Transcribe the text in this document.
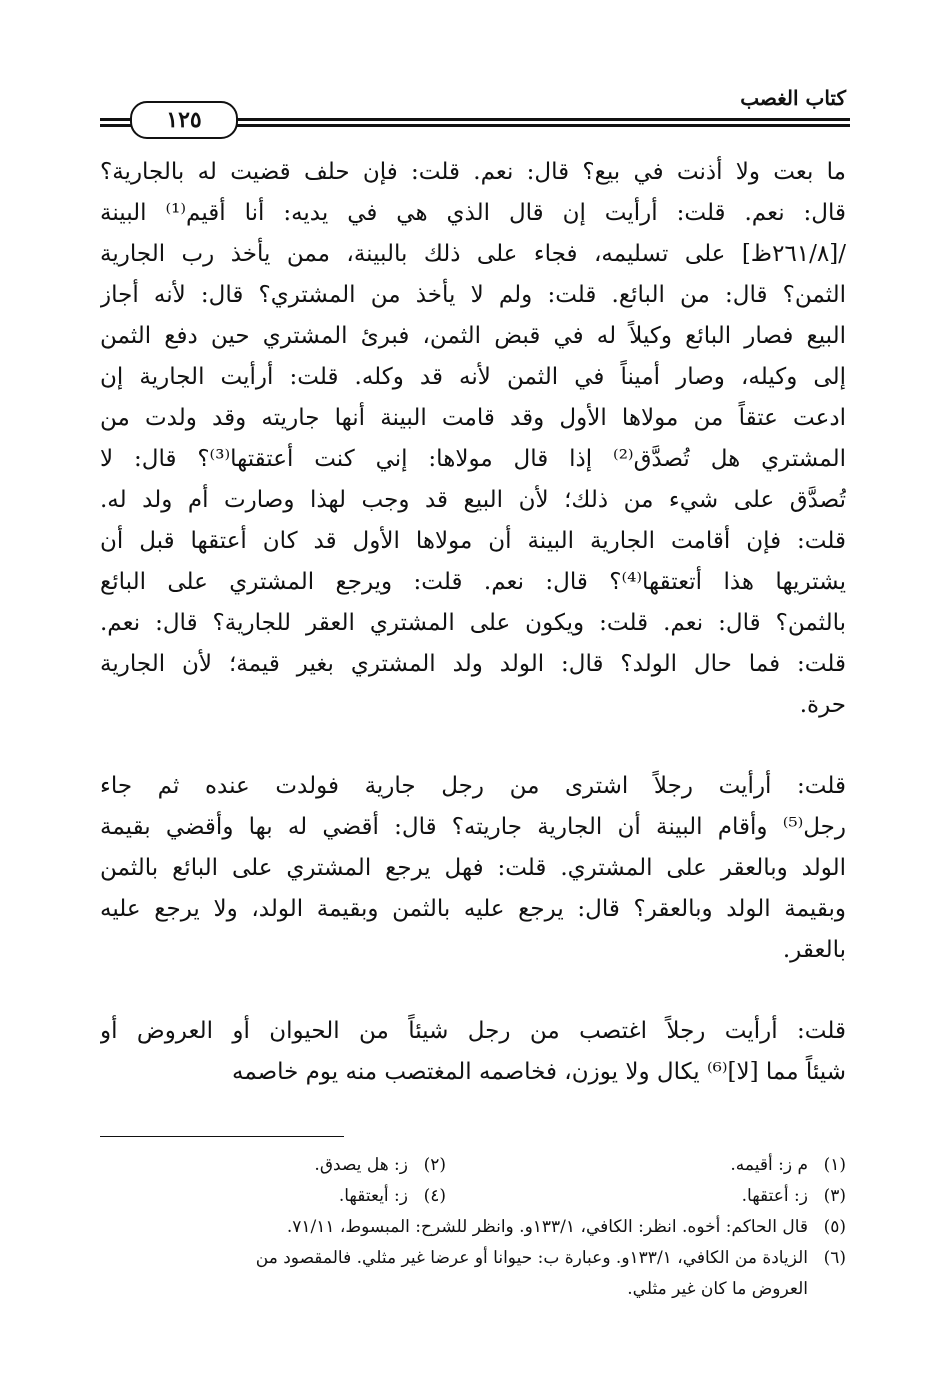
كتاب الغصب
١٢٥
ما بعت ولا أذنت في بيع؟ قال: نعم. قلت: فإن حلف قضيت له بالجارية؟
قال: نعم. قلت: أرأيت إن قال الذي هي في يديه: أنا أقيم⁽¹⁾ البينة
/[٢٦١/٨ظ] على تسليمه، فجاء على ذلك بالبينة، ممن يأخذ رب الجارية
الثمن؟ قال: من البائع. قلت: ولم لا يأخذ من المشتري؟ قال: لأنه أجاز
البيع فصار البائع وكيلاً له في قبض الثمن، فبرئ المشتري حين دفع الثمن
إلى وكيله، وصار أميناً في الثمن لأنه قد وكله. قلت: أرأيت الجارية إن
ادعت عتقاً من مولاها الأول وقد قامت البينة أنها جاريته وقد ولدت من
المشتري هل تُصدَّق⁽²⁾ إذا قال مولاها: إني كنت أعتقتها⁽³⁾؟ قال: لا
تُصدَّق على شيء من ذلك؛ لأن البيع قد وجب لهذا وصارت أم ولد له.
قلت: فإن أقامت الجارية البينة أن مولاها الأول قد كان أعتقها قبل أن
يشتريها هذا أتعتقها⁽⁴⁾؟ قال: نعم. قلت: ويرجع المشتري على البائع
بالثمن؟ قال: نعم. قلت: ويكون على المشتري العقر للجارية؟ قال: نعم.
قلت: فما حال الولد؟ قال: الولد ولد المشتري بغير قيمة؛ لأن الجارية
حرة.
قلت: أرأيت رجلاً اشترى من رجل جارية فولدت عنده ثم جاء
رجل⁽⁵⁾ وأقام البينة أن الجارية جاريته؟ قال: أقضي له بها وأقضي بقيمة
الولد وبالعقر على المشتري. قلت: فهل يرجع المشتري على البائع بالثمن
وبقيمة الولد وبالعقر؟ قال: يرجع عليه بالثمن وبقيمة الولد، ولا يرجع عليه
بالعقر.
قلت: أرأيت رجلاً اغتصب من رجل شيئاً من الحيوان أو العروض أو
شيئاً مما [لا]⁽⁶⁾ يكال ولا يوزن، فخاصمه المغتصب منه يوم خاصمه
(١)م ز: أقيمه.
(٢)ز: هل يصدق.
(٣)ز: أعتقها.
(٤)ز: أيعتقها.
(٥)قال الحاكم: أخوه. انظر: الكافي، ١٣٣/١و. وانظر للشرح: المبسوط، ٧١/١١.
(٦)الزيادة من الكافي، ١٣٣/١و. وعبارة ب: حيوانا أو عرضا غير مثلي. فالمقصود من
العروض ما كان غير مثلي.
